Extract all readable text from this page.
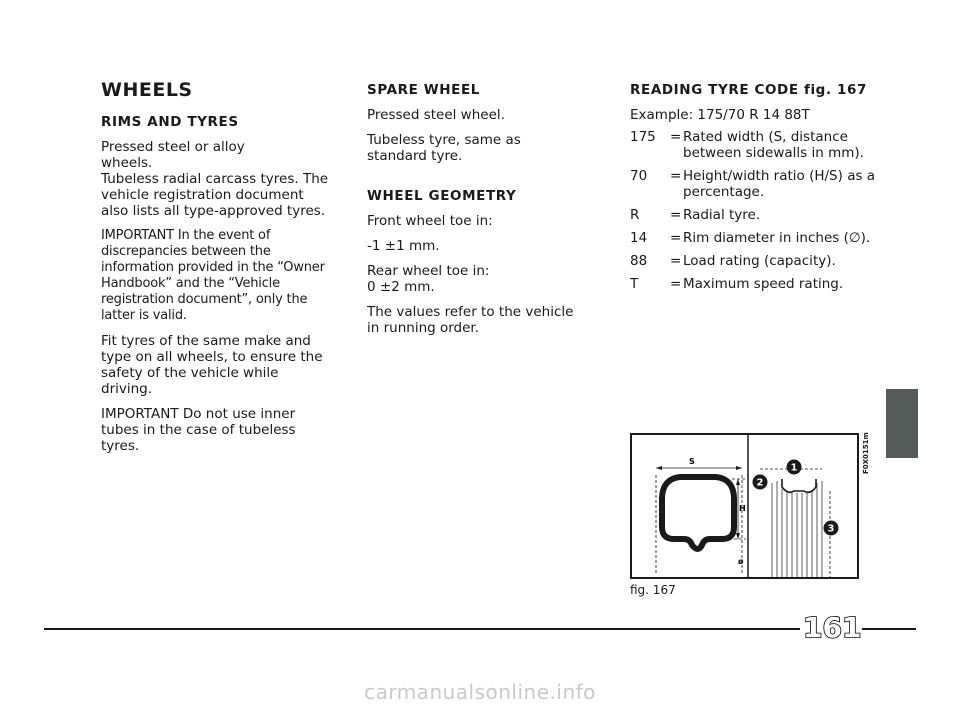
WHEELS
RIMS AND TYRES

Pressed steel or alloy
wheels.
Tubeless radial carcass tyres. The vehicle registration document also lists all type-approved tyres.

IMPORTANT In the event of discrepancies between the information provided in the “Owner Handbook” and the “Vehicle registration document”, only the latter is valid.

Fit tyres of the same make and type on all wheels, to ensure the safety of the vehicle while driving.

IMPORTANT Do not use inner tubes in the case of tubeless tyres.

SPARE WHEEL

Pressed steel wheel.

Tubeless tyre, same as standard tyre.

WHEEL GEOMETRY

Front wheel toe in:

-1 ±1 mm.

Rear wheel toe in:
0 ±2 mm.

The values refer to the vehicle in running order.

READING TYRE CODE fig. 167

Example: 175/70 R 14 88T

175	= Rated width (S, distance between sidewalls in mm).
70	= Height/width ratio (H/S) as a percentage.
R	= Radial tyre.
14	= Rim diameter in inches (∅).
88	= Load rating (capacity).
T	= Maximum speed rating.
S
H
ø
1
2
3
F0X0151m
fig. 167
161
carmanualsonline.info
